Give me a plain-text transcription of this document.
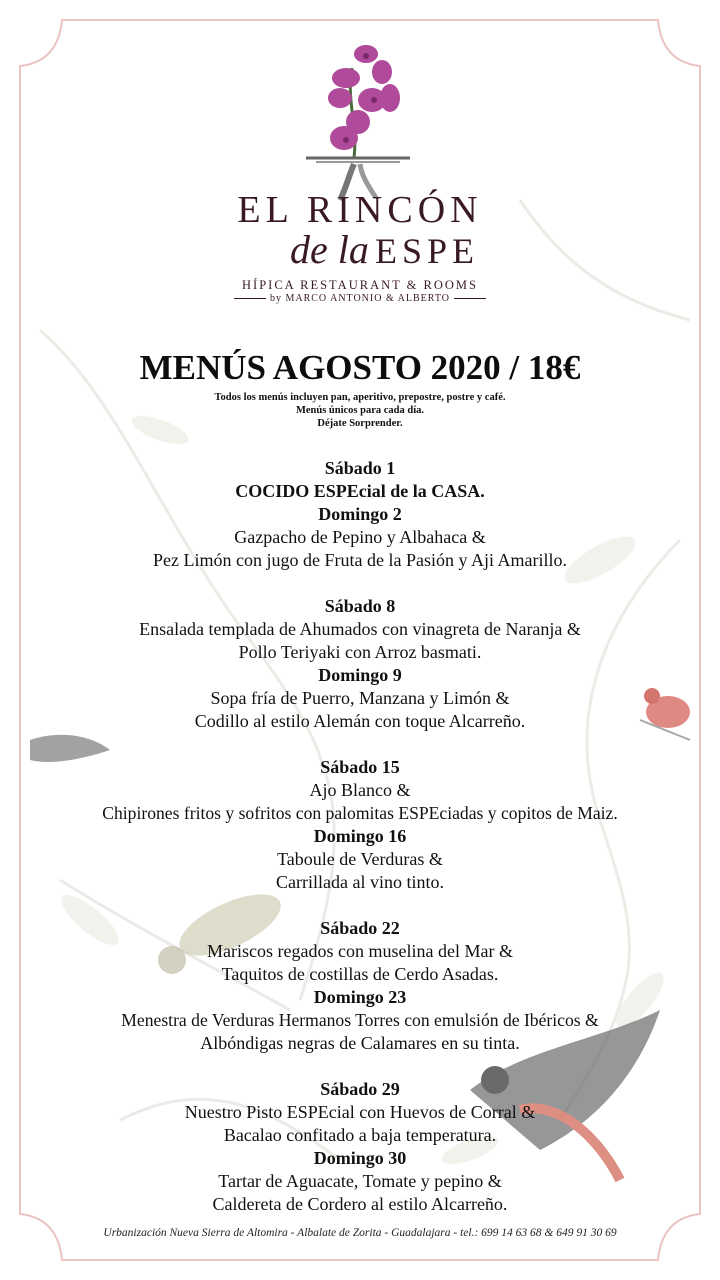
EL RINCÓN
de la ESPE
HÍPICA RESTAURANT & ROOMS
by MARCO ANTONIO & ALBERTO
MENÚS AGOSTO 2020 / 18€
Todos los menús incluyen pan, aperitivo, prepostre, postre y café.
Menús únicos para cada día.
Déjate Sorprender.
Sábado 1
COCIDO ESPEcial de la CASA.
Domingo 2
Gazpacho de Pepino y Albahaca &
Pez Limón con jugo de Fruta de la Pasión y Aji Amarillo.
Sábado 8
Ensalada templada de Ahumados con vinagreta de Naranja &
Pollo Teriyaki con Arroz basmati.
Domingo 9
Sopa fría de Puerro, Manzana y Limón &
Codillo al estilo Alemán con toque Alcarreño.
Sábado 15
Ajo Blanco &
Chipirones fritos y sofritos con palomitas ESPEciadas y copitos de Maiz.
Domingo 16
Taboule de Verduras &
Carrillada al vino tinto.
Sábado 22
Mariscos regados con muselina del Mar &
Taquitos de costillas de Cerdo Asadas.
Domingo 23
Menestra de Verduras Hermanos Torres con emulsión de Ibéricos &
Albóndigas negras de Calamares en su tinta.
Sábado 29
Nuestro Pisto ESPEcial con Huevos de Corral &
Bacalao confitado a baja temperatura.
Domingo 30
Tartar de Aguacate, Tomate y pepino &
Caldereta de Cordero al estilo Alcarreño.
Urbanización Nueva Sierra de Altomira - Albalate de Zorita - Guadalajara - tel.: 699 14 63 68 & 649 91 30 69
